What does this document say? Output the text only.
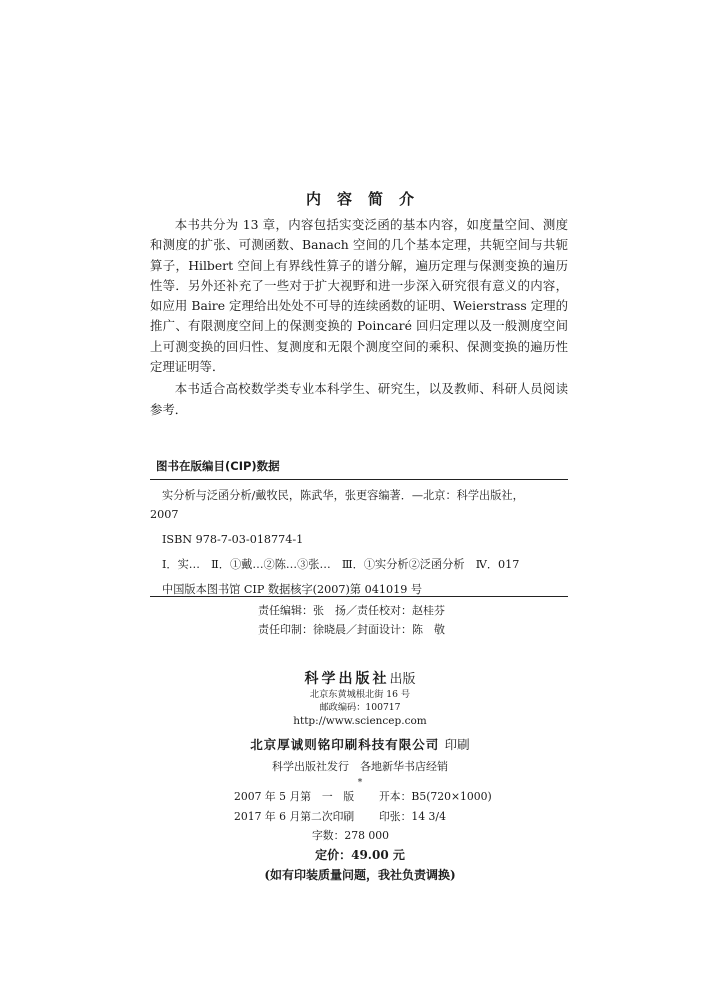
内容简介

本书共分为 13 章，内容包括实变泛函的基本内容，如度量空间、测度和测度的扩张、可测函数、Banach 空间的几个基本定理，共轭空间与共轭算子，Hilbert 空间上有界线性算子的谱分解，遍历定理与保测变换的遍历性等．另外还补充了一些对于扩大视野和进一步深入研究很有意义的内容，如应用 Baire 定理给出处处不可导的连续函数的证明、Weierstrass 定理的推广、有限测度空间上的保测变换的 Poincaré 回归定理以及一般测度空间上可测变换的回归性、复测度和无限个测度空间的乘积、保测变换的遍历性定理证明等．

本书适合高校数学类专业本科学生、研究生，以及教师、科研人员阅读参考．

图书在版编目(CIP)数据
实分析与泛函分析/戴牧民，陈武华，张更容编著．—北京：科学出版社，
2007
ISBN 978-7-03-018774-1
Ⅰ．实…　Ⅱ．①戴…②陈…③张…　Ⅲ．①实分析②泛函分析　Ⅳ．017
中国版本图书馆 CIP 数据核字(2007)第 041019 号
责任编辑：张　扬／责任校对：赵桂芬
责任印制：徐晓晨／封面设计：陈　敬
科学出版社出版
北京东黄城根北街 16 号
邮政编码：100717
http://www.sciencep.com
北京厚诚则铭印刷科技有限公司 印刷
科学出版社发行　各地新华书店经销
*
2007 年 5 月第　一　版 开本：B5(720×1000)
2017 年 6 月第二次印刷 印张：14 3/4
字数：278 000
定价：49.00 元
(如有印装质量问题，我社负责调换)
